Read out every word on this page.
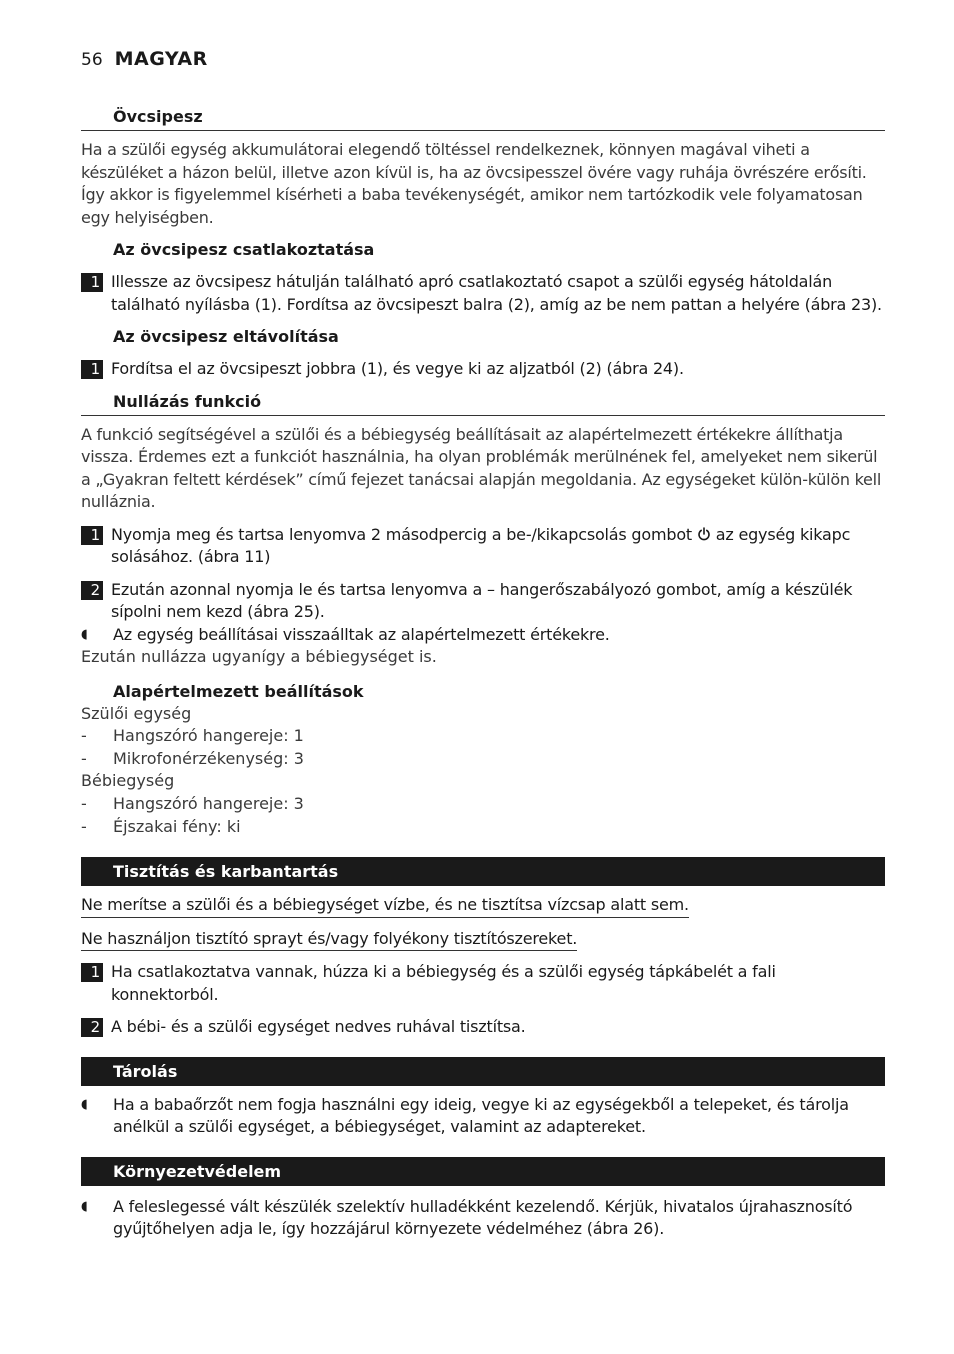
56 MAGYAR
Övcsipesz
Ha a szülői egység akkumulátorai elegendő töltéssel rendelkeznek, könnyen magával viheti a készüléket a házon belül, illetve azon kívül is, ha az övcsipesszel övére vagy ruhája övrészére erősíti. Így akkor is figyelemmel kísérheti a baba tevékenységét, amikor nem tartózkodik vele folyamatosan egy helyiségben.
Az övcsipesz csatlakoztatása
1 Illessze az övcsipesz hátulján található apró csatlakoztató csapot a szülői egység hátoldalán található nyílásba (1). Fordítsa az övcsipeszt balra (2), amíg az be nem pattan a helyére (ábra 23).
Az övcsipesz eltávolítása
1 Fordítsa el az övcsipeszt jobbra (1), és vegye ki az aljzatból (2) (ábra 24).
Nullázás funkció
A funkció segítségével a szülői és a bébiegység beállításait az alapértelmezett értékekre állíthatja vissza. Érdemes ezt a funkciót használnia, ha olyan problémák merülnének fel, amelyeket nem sikerül a „Gyakran feltett kérdések” című fejezet tanácsai alapján megoldania. Az egységeket külön-külön kell nulláznia.
1 Nyomja meg és tartsa lenyomva 2 másodpercig a be-/kikapcsolás gombot  az egység kikapc solásához. (ábra 11)
2 Ezután azonnal nyomja le és tartsa lenyomva a – hangerőszabályozó gombot, amíg a készülék sípolni nem kezd (ábra 25).
◖	Az egység beállításai visszaálltak az alapértelmezett értékekre.
Ezután nullázza ugyanígy a bébiegységet is.
Alapértelmezett beállítások
Szülői egység
-	Hangszóró hangereje: 1
-	Mikrofonérzékenység: 3
Bébiegység
-	Hangszóró hangereje: 3
-	Éjszakai fény: ki
Tisztítás és karbantartás
Ne merítse a szülői és a bébiegységet vízbe, és ne tisztítsa vízcsap alatt sem.
Ne használjon tisztító sprayt és/vagy folyékony tisztítószereket.
1 Ha csatlakoztatva vannak, húzza ki a bébiegység és a szülői egység tápkábelét a fali konnektorból.
2 A bébi- és a szülői egységet nedves ruhával tisztítsa.
Tárolás
◖	Ha a babaőrzőt nem fogja használni egy ideig, vegye ki az egységekből a telepeket, és tárolja anélkül a szülői egységet, a bébiegységet, valamint az adaptereket.
Környezetvédelem
◖	A feleslegessé vált készülék szelektív hulladékként kezelendő. Kérjük, hivatalos újrahasznosító gyűjtőhelyen adja le, így hozzájárul környezete védelméhez (ábra 26).
